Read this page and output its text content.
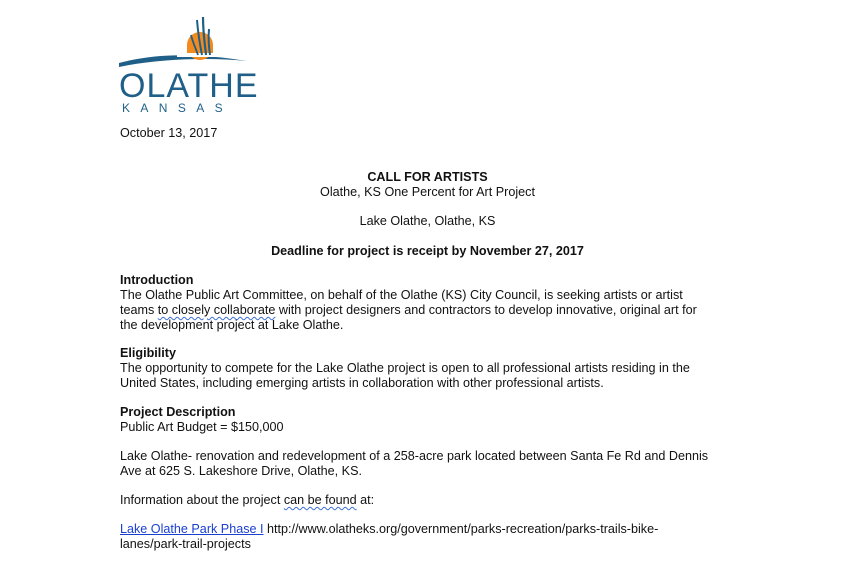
OLATHE
KANSAS
October 13, 2017
CALL FOR ARTISTS
Olathe, KS One Percent for Art Project
Lake Olathe, Olathe, KS
Deadline for project is receipt by November 27, 2017
Introduction
The Olathe Public Art Committee, on behalf of the Olathe (KS) City Council, is seeking artists or artist
teams to closely collaborate with project designers and contractors to develop innovative, original art for
the development project at Lake Olathe.
Eligibility
The opportunity to compete for the Lake Olathe project is open to all professional artists residing in the
United States, including emerging artists in collaboration with other professional artists.
Project Description
Public Art Budget = $150,000
Lake Olathe- renovation and redevelopment of a 258-acre park located between Santa Fe Rd and Dennis
Ave at 625 S. Lakeshore Drive, Olathe, KS.
Information about the project can be found at:
Lake Olathe Park Phase I http://www.olatheks.org/government/parks-recreation/parks-trails-bike-
lanes/park-trail-projects
